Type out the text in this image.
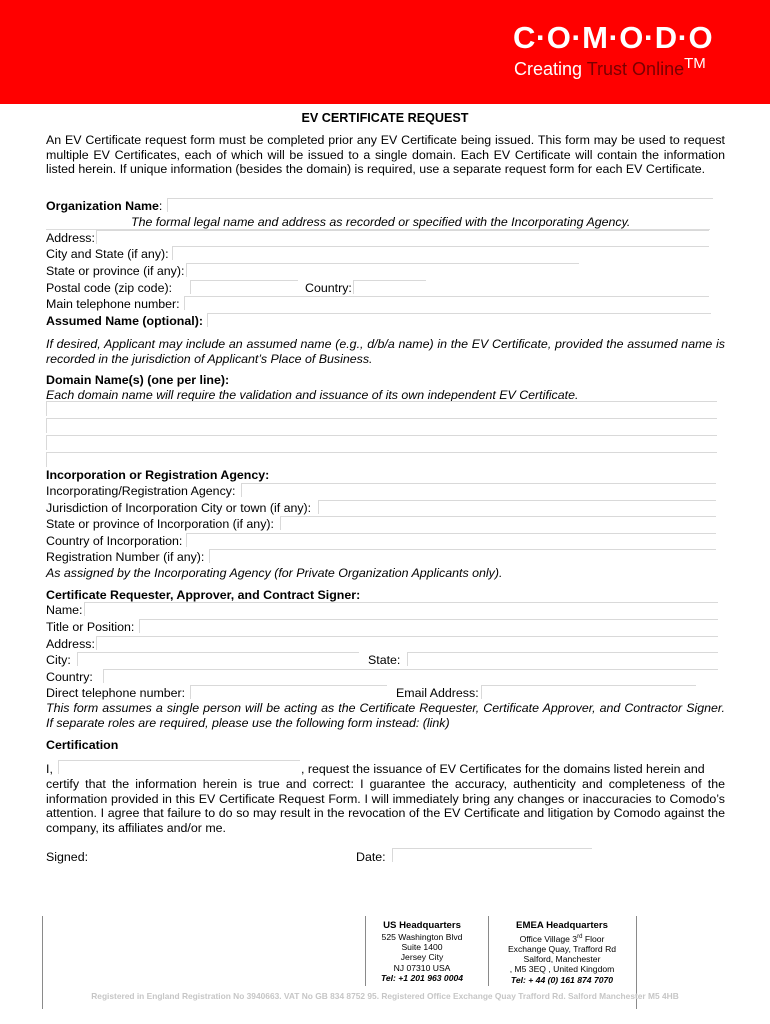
C·O·M·O·D·O
Creating Trust Online™
EV CERTIFICATE REQUEST
An EV Certificate request form must be completed prior any EV Certificate being issued. This form may be used to request multiple EV Certificates, each of which will be issued to a single domain. Each EV Certificate will contain the information listed herein. If unique information (besides the domain) is required, use a separate request form for each EV Certificate.
Organization Name:
The formal legal name and address as recorded or specified with the Incorporating Agency.
Address:
City and State (if any):
State or province (if any):
Postal code (zip code):	Country:
Main telephone number:
Assumed Name (optional):
If desired, Applicant may include an assumed name (e.g., d/b/a name) in the EV Certificate, provided the assumed name is recorded in the jurisdiction of Applicant’s Place of Business.
Domain Name(s) (one per line):
Each domain name will require the validation and issuance of its own independent EV Certificate.
Incorporation or Registration Agency:
Incorporating/Registration Agency:
Jurisdiction of Incorporation City or town (if any):
State or province of Incorporation (if any):
Country of Incorporation:
Registration Number (if any):
As assigned by the Incorporating Agency (for Private Organization Applicants only).
Certificate Requester, Approver, and Contract Signer:
Name:
Title or Position:
Address:
City:	State:
Country:
Direct telephone number:	Email Address:
This form assumes a single person will be acting as the Certificate Requester, Certificate Approver, and Contractor Signer. If separate roles are required, please use the following form instead: (link)
Certification
I,	, request the issuance of EV Certificates for the domains listed herein and
certify that the information herein is true and correct: I guarantee the accuracy, authenticity and completeness of the information provided in this EV Certificate Request Form. I will immediately bring any changes or inaccuracies to Comodo’s attention. I agree that failure to do so may result in the revocation of the EV Certificate and litigation by Comodo against the company, its affiliates and/or me.
Signed:	Date:
US Headquarters
525 Washington Blvd
Suite 1400
Jersey City
NJ 07310 USA
Tel: +1 201 963 0004
EMEA Headquarters
Office Village 3rd Floor
Exchange Quay, Trafford Rd
Salford, Manchester
, M5 3EQ , United Kingdom
Tel: + 44 (0) 161 874 7070
Registered in England Registration No 3940663. VAT No GB 834 8752 95. Registered Office Exchange Quay Trafford Rd. Salford Manchester M5 4HB
